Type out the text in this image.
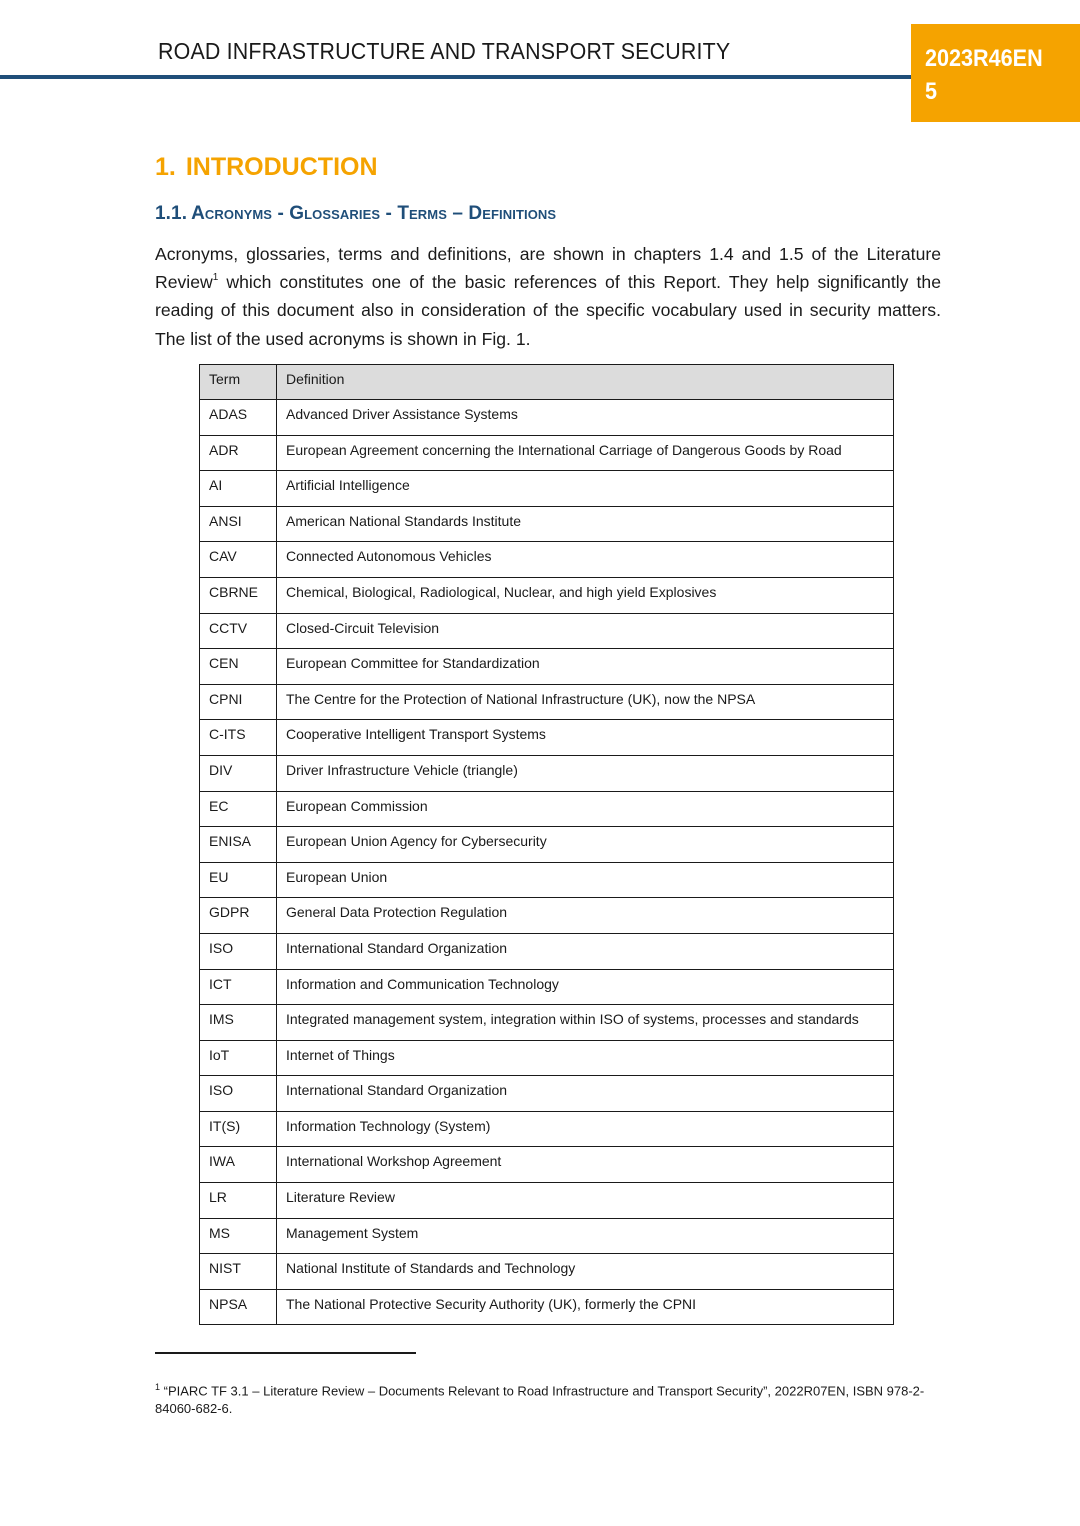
ROAD INFRASTRUCTURE AND TRANSPORT SECURITY	2023R46EN
5
1. INTRODUCTION
1.1. Acronyms - Glossaries - Terms – Definitions
Acronyms, glossaries, terms and definitions, are shown in chapters 1.4 and 1.5 of the Literature Review$^1$ which constitutes one of the basic references of this Report. They help significantly the reading of this document also in consideration of the specific vocabulary used in security matters. The list of the used acronyms is shown in Fig. 1.
Term	Definition
ADAS	Advanced Driver Assistance Systems
ADR	European Agreement concerning the International Carriage of Dangerous Goods by Road
AI	Artificial Intelligence
ANSI	American National Standards Institute
CAV	Connected Autonomous Vehicles
CBRNE	Chemical, Biological, Radiological, Nuclear, and high yield Explosives
CCTV	Closed-Circuit Television
CEN	European Committee for Standardization
CPNI	The Centre for the Protection of National Infrastructure (UK), now the NPSA
C-ITS	Cooperative Intelligent Transport Systems
DIV	Driver Infrastructure Vehicle (triangle)
EC	European Commission
ENISA	European Union Agency for Cybersecurity
EU	European Union
GDPR	General Data Protection Regulation
ISO	International Standard Organization
ICT	Information and Communication Technology
IMS	Integrated management system, integration within ISO of systems, processes and standards
IoT	Internet of Things
ISO	International Standard Organization
IT(S)	Information Technology (System)
IWA	International Workshop Agreement
LR	Literature Review
MS	Management System
NIST	National Institute of Standards and Technology
NPSA	The National Protective Security Authority (UK), formerly the CPNI
$^1$ “PIARC TF 3.1 – Literature Review – Documents Relevant to Road Infrastructure and Transport Security”, 2022R07EN, ISBN 978-2-84060-682-6.
